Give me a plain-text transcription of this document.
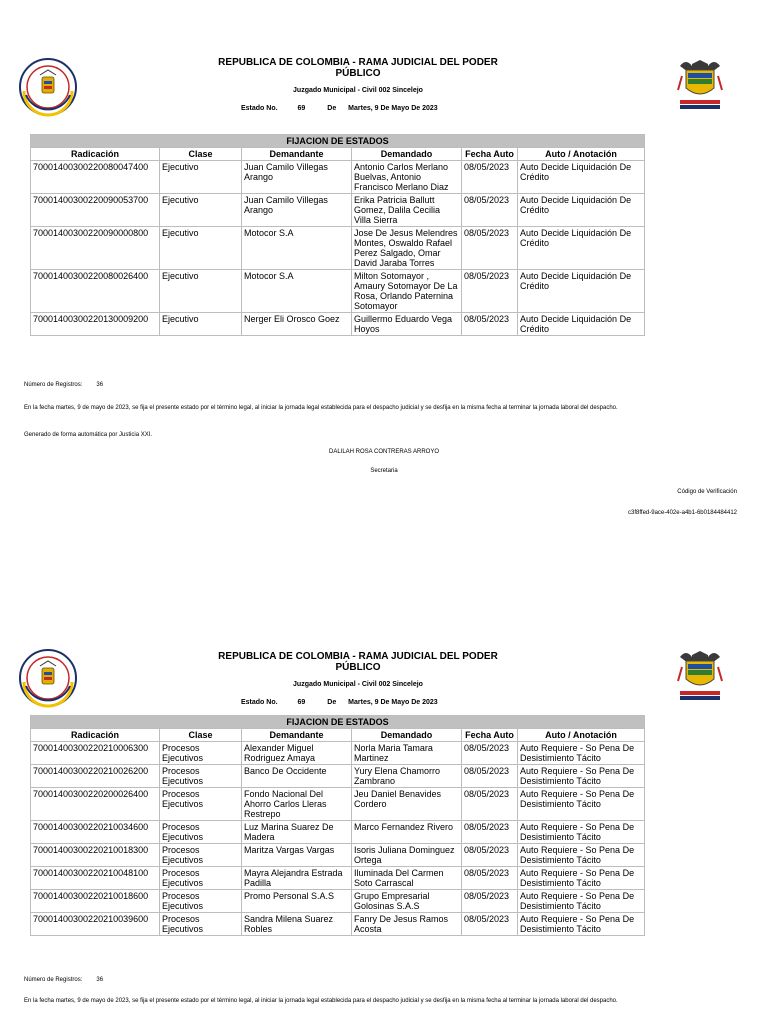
REPUBLICA DE COLOMBIA - RAMA JUDICIAL DEL PODER PÚBLICO
Juzgado Municipal - Civil 002 Sincelejo
Estado No.	69	De Martes, 9 De Mayo De 2023
FIJACION DE ESTADOS					
Radicación	Clase	Demandante	Demandado	Fecha Auto	Auto / Anotación
70001400300220080047400	Ejecutivo	Juan Camilo Villegas Arango	Antonio Carlos Merlano Buelvas, Antonio Francisco Merlano Diaz	08/05/2023	Auto Decide Liquidación De Crédito
70001400300220090053700	Ejecutivo	Juan Camilo Villegas Arango	Erika Patricia Ballutt Gomez, Dalila Cecilia Villa Sierra	08/05/2023	Auto Decide Liquidación De Crédito
70001400300220090000800	Ejecutivo	Motocor S.A	Jose De Jesus Melendres Montes, Oswaldo Rafael Perez Salgado, Omar David Jaraba Torres	08/05/2023	Auto Decide Liquidación De Crédito
70001400300220080026400	Ejecutivo	Motocor S.A	Milton Sotomayor , Amaury Sotomayor De La Rosa, Orlando Paternina Sotomayor	08/05/2023	Auto Decide Liquidación De Crédito
70001400300220130009200	Ejecutivo	Nerger Eli Orosco Goez	Guillermo Eduardo Vega Hoyos	08/05/2023	Auto Decide Liquidación De Crédito
Número de Registros: 36
En la fecha martes, 9 de mayo de 2023, se fija el presente estado por el término legal, al iniciar la jornada legal establecida para el despacho judicial y se desfija en la misma fecha al terminar la jornada laboral del despacho.
Generado de forma automática por Justicia XXI.
DALILAH ROSA CONTRERAS ARROYO
Secretaria
Código de Verificación
c3f8ffed-9ace-402e-a4b1-6b0184484412
REPUBLICA DE COLOMBIA - RAMA JUDICIAL DEL PODER PÚBLICO
Juzgado Municipal - Civil 002 Sincelejo
Estado No.	69	De Martes, 9 De Mayo De 2023
FIJACION DE ESTADOS					
Radicación	Clase	Demandante	Demandado	Fecha Auto	Auto / Anotación
70001400300220210006300	Procesos Ejecutivos	Alexander Miguel Rodriguez Amaya	Norla Maria Tamara Martinez	08/05/2023	Auto Requiere - So Pena De Desistimiento Tácito
70001400300220210026200	Procesos Ejecutivos	Banco De Occidente	Yury Elena Chamorro Zambrano	08/05/2023	Auto Requiere - So Pena De Desistimiento Tácito
70001400300220200026400	Procesos Ejecutivos	Fondo Nacional Del Ahorro Carlos Lleras Restrepo	Jeu Daniel Benavides Cordero	08/05/2023	Auto Requiere - So Pena De Desistimiento Tácito
70001400300220210034600	Procesos Ejecutivos	Luz Marina Suarez De Madera	Marco Fernandez Rivero	08/05/2023	Auto Requiere - So Pena De Desistimiento Tácito
70001400300220210018300	Procesos Ejecutivos	Maritza Vargas Vargas	Isoris Juliana Dominguez Ortega	08/05/2023	Auto Requiere - So Pena De Desistimiento Tácito
70001400300220210048100	Procesos Ejecutivos	Mayra Alejandra Estrada Padilla	Iluminada Del Carmen Soto Carrascal	08/05/2023	Auto Requiere - So Pena De Desistimiento Tácito
70001400300220210018600	Procesos Ejecutivos	Promo Personal S.A.S	Grupo Empresarial Golosinas S.A.S	08/05/2023	Auto Requiere - So Pena De Desistimiento Tácito
70001400300220210039600	Procesos Ejecutivos	Sandra Milena Suarez Robles	Fanry De Jesus Ramos Acosta	08/05/2023	Auto Requiere - So Pena De Desistimiento Tácito
Número de Registros: 36
En la fecha martes, 9 de mayo de 2023, se fija el presente estado por el término legal, al iniciar la jornada legal establecida para el despacho judicial y se desfija en la misma fecha al terminar la jornada laboral del despacho.
